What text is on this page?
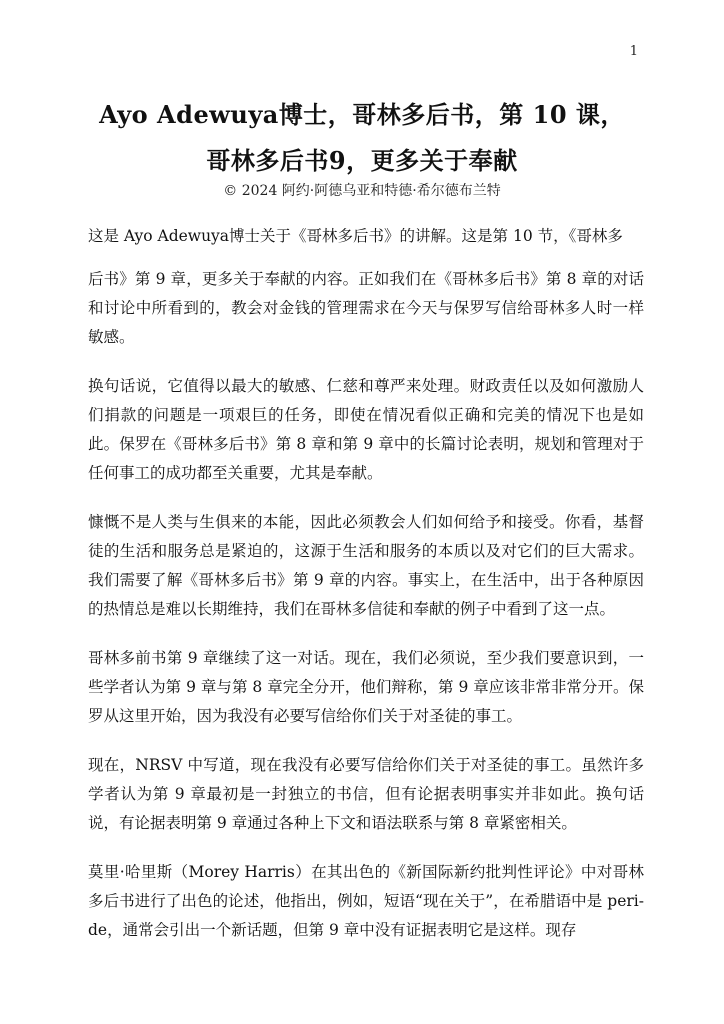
1
Ayo Adewuya博士，哥林多后书，第 10 课，
哥林多后书9，更多关于奉献
© 2024 阿约·阿德乌亚和特德·希尔德布兰特

这是 Ayo Adewuya博士关于《哥林多后书》的讲解。这是第 10 节，《哥林多

后书》第 9 章，更多关于奉献的内容。正如我们在《哥林多后书》第 8 章的对话和讨论中所看到的，教会对金钱的管理需求在今天与保罗写信给哥林多人时一样敏感。

换句话说，它值得以最大的敏感、仁慈和尊严来处理。财政责任以及如何激励人们捐款的问题是一项艰巨的任务，即使在情况看似正确和完美的情况下也是如此。保罗在《哥林多后书》第 8 章和第 9 章中的长篇讨论表明，规划和管理对于任何事工的成功都至关重要，尤其是奉献。

慷慨不是人类与生俱来的本能，因此必须教会人们如何给予和接受。你看，基督徒的生活和服务总是紧迫的，这源于生活和服务的本质以及对它们的巨大需求。我们需要了解《哥林多后书》第 9 章的内容。事实上，在生活中，出于各种原因的热情总是难以长期维持，我们在哥林多信徒和奉献的例子中看到了这一点。

哥林多前书第 9 章继续了这一对话。现在，我们必须说，至少我们要意识到，一些学者认为第 9 章与第 8 章完全分开，他们辩称，第 9 章应该非常非常分开。保罗从这里开始，因为我没有必要写信给你们关于对圣徒的事工。

现在，NRSV 中写道，现在我没有必要写信给你们关于对圣徒的事工。虽然许多学者认为第 9 章最初是一封独立的书信，但有论据表明事实并非如此。换句话说，有论据表明第 9 章通过各种上下文和语法联系与第 8 章紧密相关。

莫里·哈里斯（Morey Harris）在其出色的《新国际新约批判性评论》中对哥林多后书进行了出色的论述，他指出，例如，短语“现在关于”，在希腊语中是 peri-de，通常会引出一个新话题，但第 9 章中没有证据表明它是这样。现存
